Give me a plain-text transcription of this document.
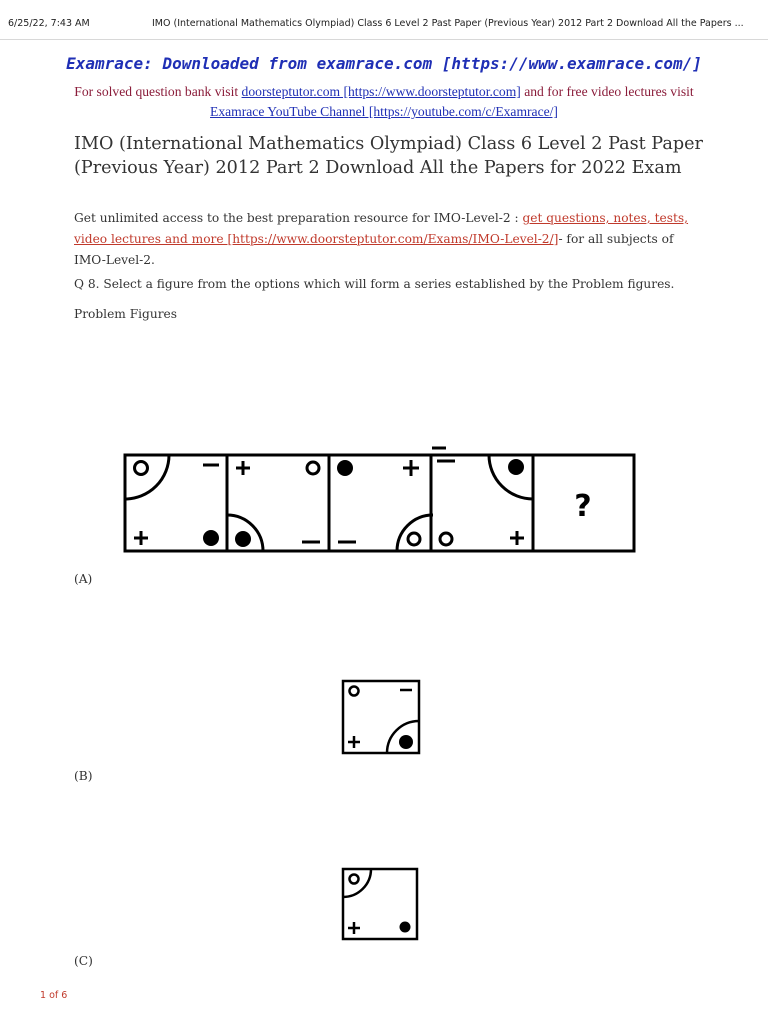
6/25/22, 7:43 AM	IMO (International Mathematics Olympiad) Class 6 Level 2 Past Paper (Previous Year) 2012 Part 2 Download All the Papers ...
Examrace: Downloaded from examrace.com [https://www.examrace.com/]
For solved question bank visit doorsteptutor.com [https://www.doorsteptutor.com] and for free video lectures visit Examrace YouTube Channel [https://youtube.com/c/Examrace/]
IMO (International Mathematics Olympiad) Class 6 Level 2 Past Paper (Previous Year) 2012 Part 2 Download All the Papers for 2022 Exam
Get unlimited access to the best preparation resource for IMO-Level-2 : get questions, notes, tests, video lectures and more [https://www.doorsteptutor.com/Exams/IMO-Level-2/]- for all subjects of IMO-Level-2.
Q 8. Select a figure from the options which will form a series established by the Problem figures.
Problem Figures
?
(A)
(B)
(C)
1 of 6
